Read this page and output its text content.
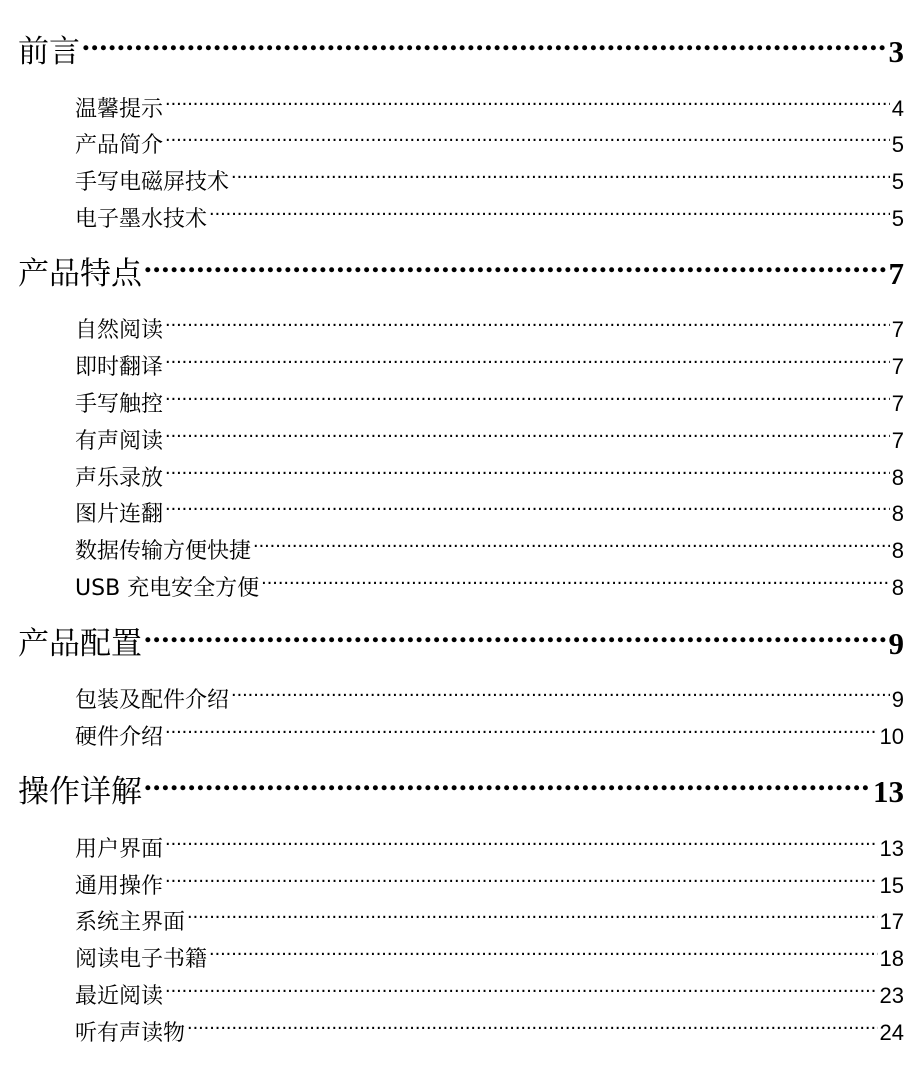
前言 .....	3
温馨提示 .....	4
产品简介 .....	5
手写电磁屏技术 .....	5
电子墨水技术 .....	5
产品特点 .....	7
自然阅读 .....	7
即时翻译 .....	7
手写触控 .....	7
有声阅读 .....	7
声乐录放 .....	8
图片连翻 .....	8
数据传输方便快捷 .....	8
USB 充电安全方便 .....	8
产品配置 .....	9
包装及配件介绍 .....	9
硬件介绍 .....	10
操作详解 .....	13
用户界面 .....	13
通用操作 .....	15
系统主界面 .....	17
阅读电子书籍 .....	18
最近阅读 .....	23
听有声读物 .....	24
